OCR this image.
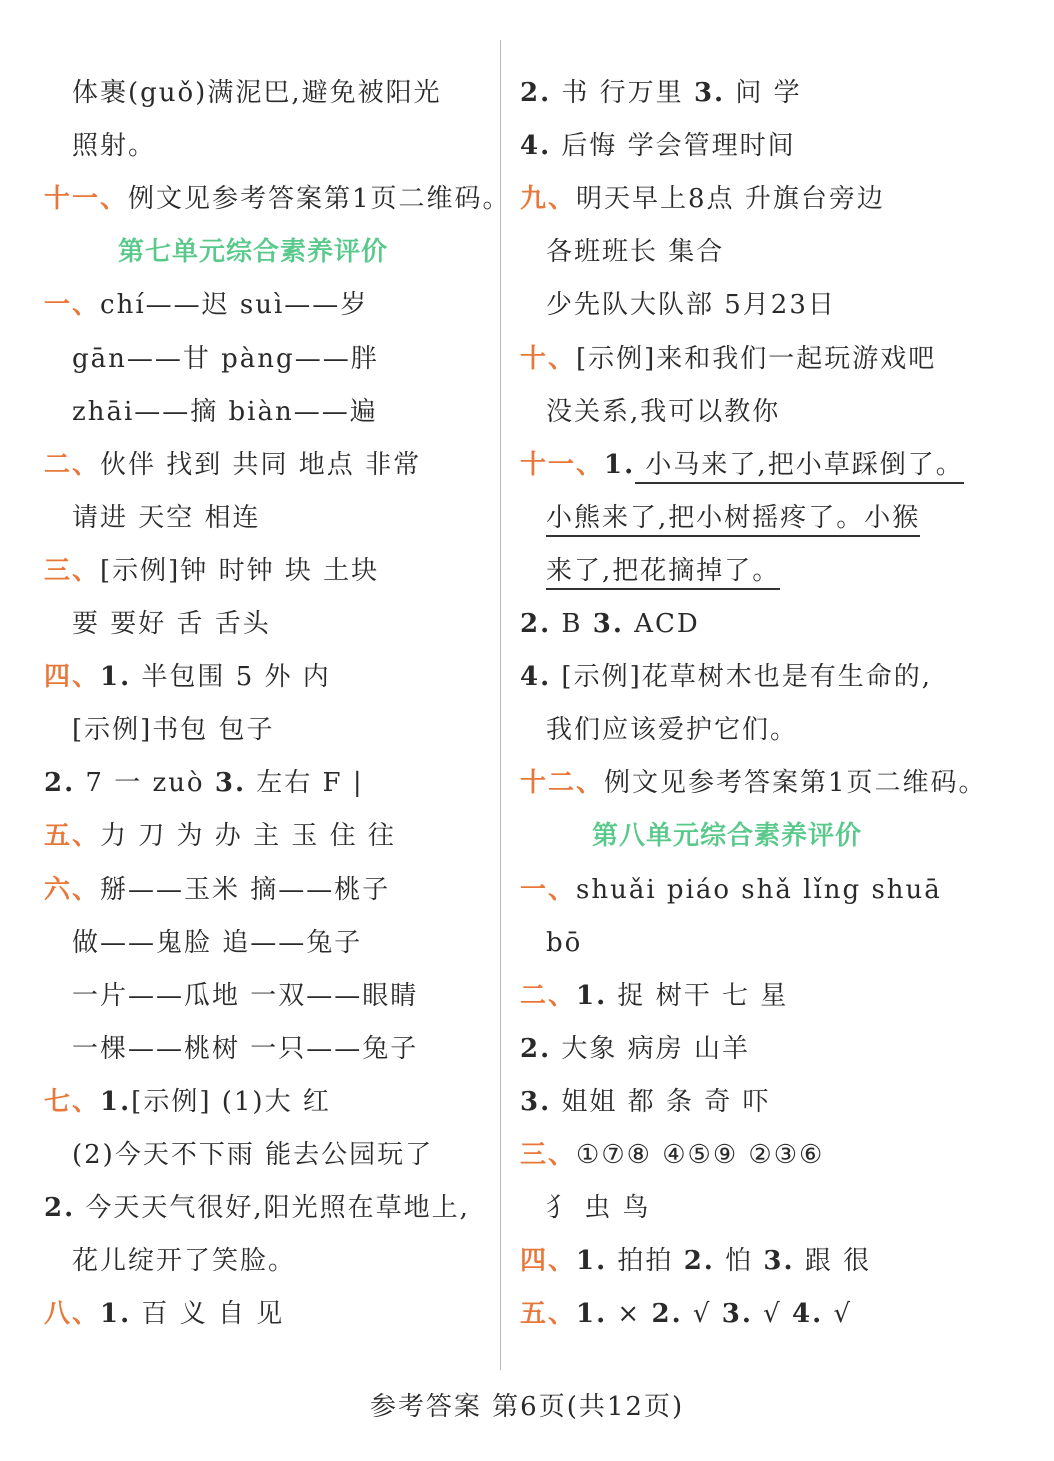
体裹(guǒ)满泥巴,避免被阳光
照射。
十一、例文见参考答案第1页二维码。
第七单元综合素养评价
一、chí——迟 suì——岁
gān——甘 pàng——胖
zhāi——摘 biàn——遍
二、伙伴 找到 共同 地点 非常
请进 天空 相连
三、[示例]钟 时钟 块 土块
要 要好 舌 舌头
四、1. 半包围 5 外 内
[示例]书包 包子
2. 7 一 zuò 3. 左右 F |
五、力 刀 为 办 主 玉 住 往
六、掰——玉米 摘——桃子
做——鬼脸 追——兔子
一片——瓜地 一双——眼睛
一棵——桃树 一只——兔子
七、1.[示例] (1)大 红
(2)今天不下雨 能去公园玩了
2. 今天天气很好,阳光照在草地上,
花儿绽开了笑脸。
八、1. 百 义 自 见
2. 书 行万里 3. 问 学
4. 后悔 学会管理时间
九、明天早上8点 升旗台旁边
各班班长 集合
少先队大队部 5月23日
十、[示例]来和我们一起玩游戏吧
没关系,我可以教你
十一、1. 小马来了,把小草踩倒了。
小熊来了,把小树摇疼了。小猴
来了,把花摘掉了。
2. B 3. ACD
4. [示例]花草树木也是有生命的,
我们应该爱护它们。
十二、例文见参考答案第1页二维码。
第八单元综合素养评价
一、shuǎi piáo shǎ lǐng shuā
bō
二、1. 捉 树干 七 星
2. 大象 病房 山羊
3. 姐姐 都 条 奇 吓
三、①⑦⑧ ④⑤⑨ ②③⑥
犭 虫 鸟
四、1. 拍拍 2. 怕 3. 跟 很
五、1. × 2. √ 3. √ 4. √
参考答案 第6页(共12页)
